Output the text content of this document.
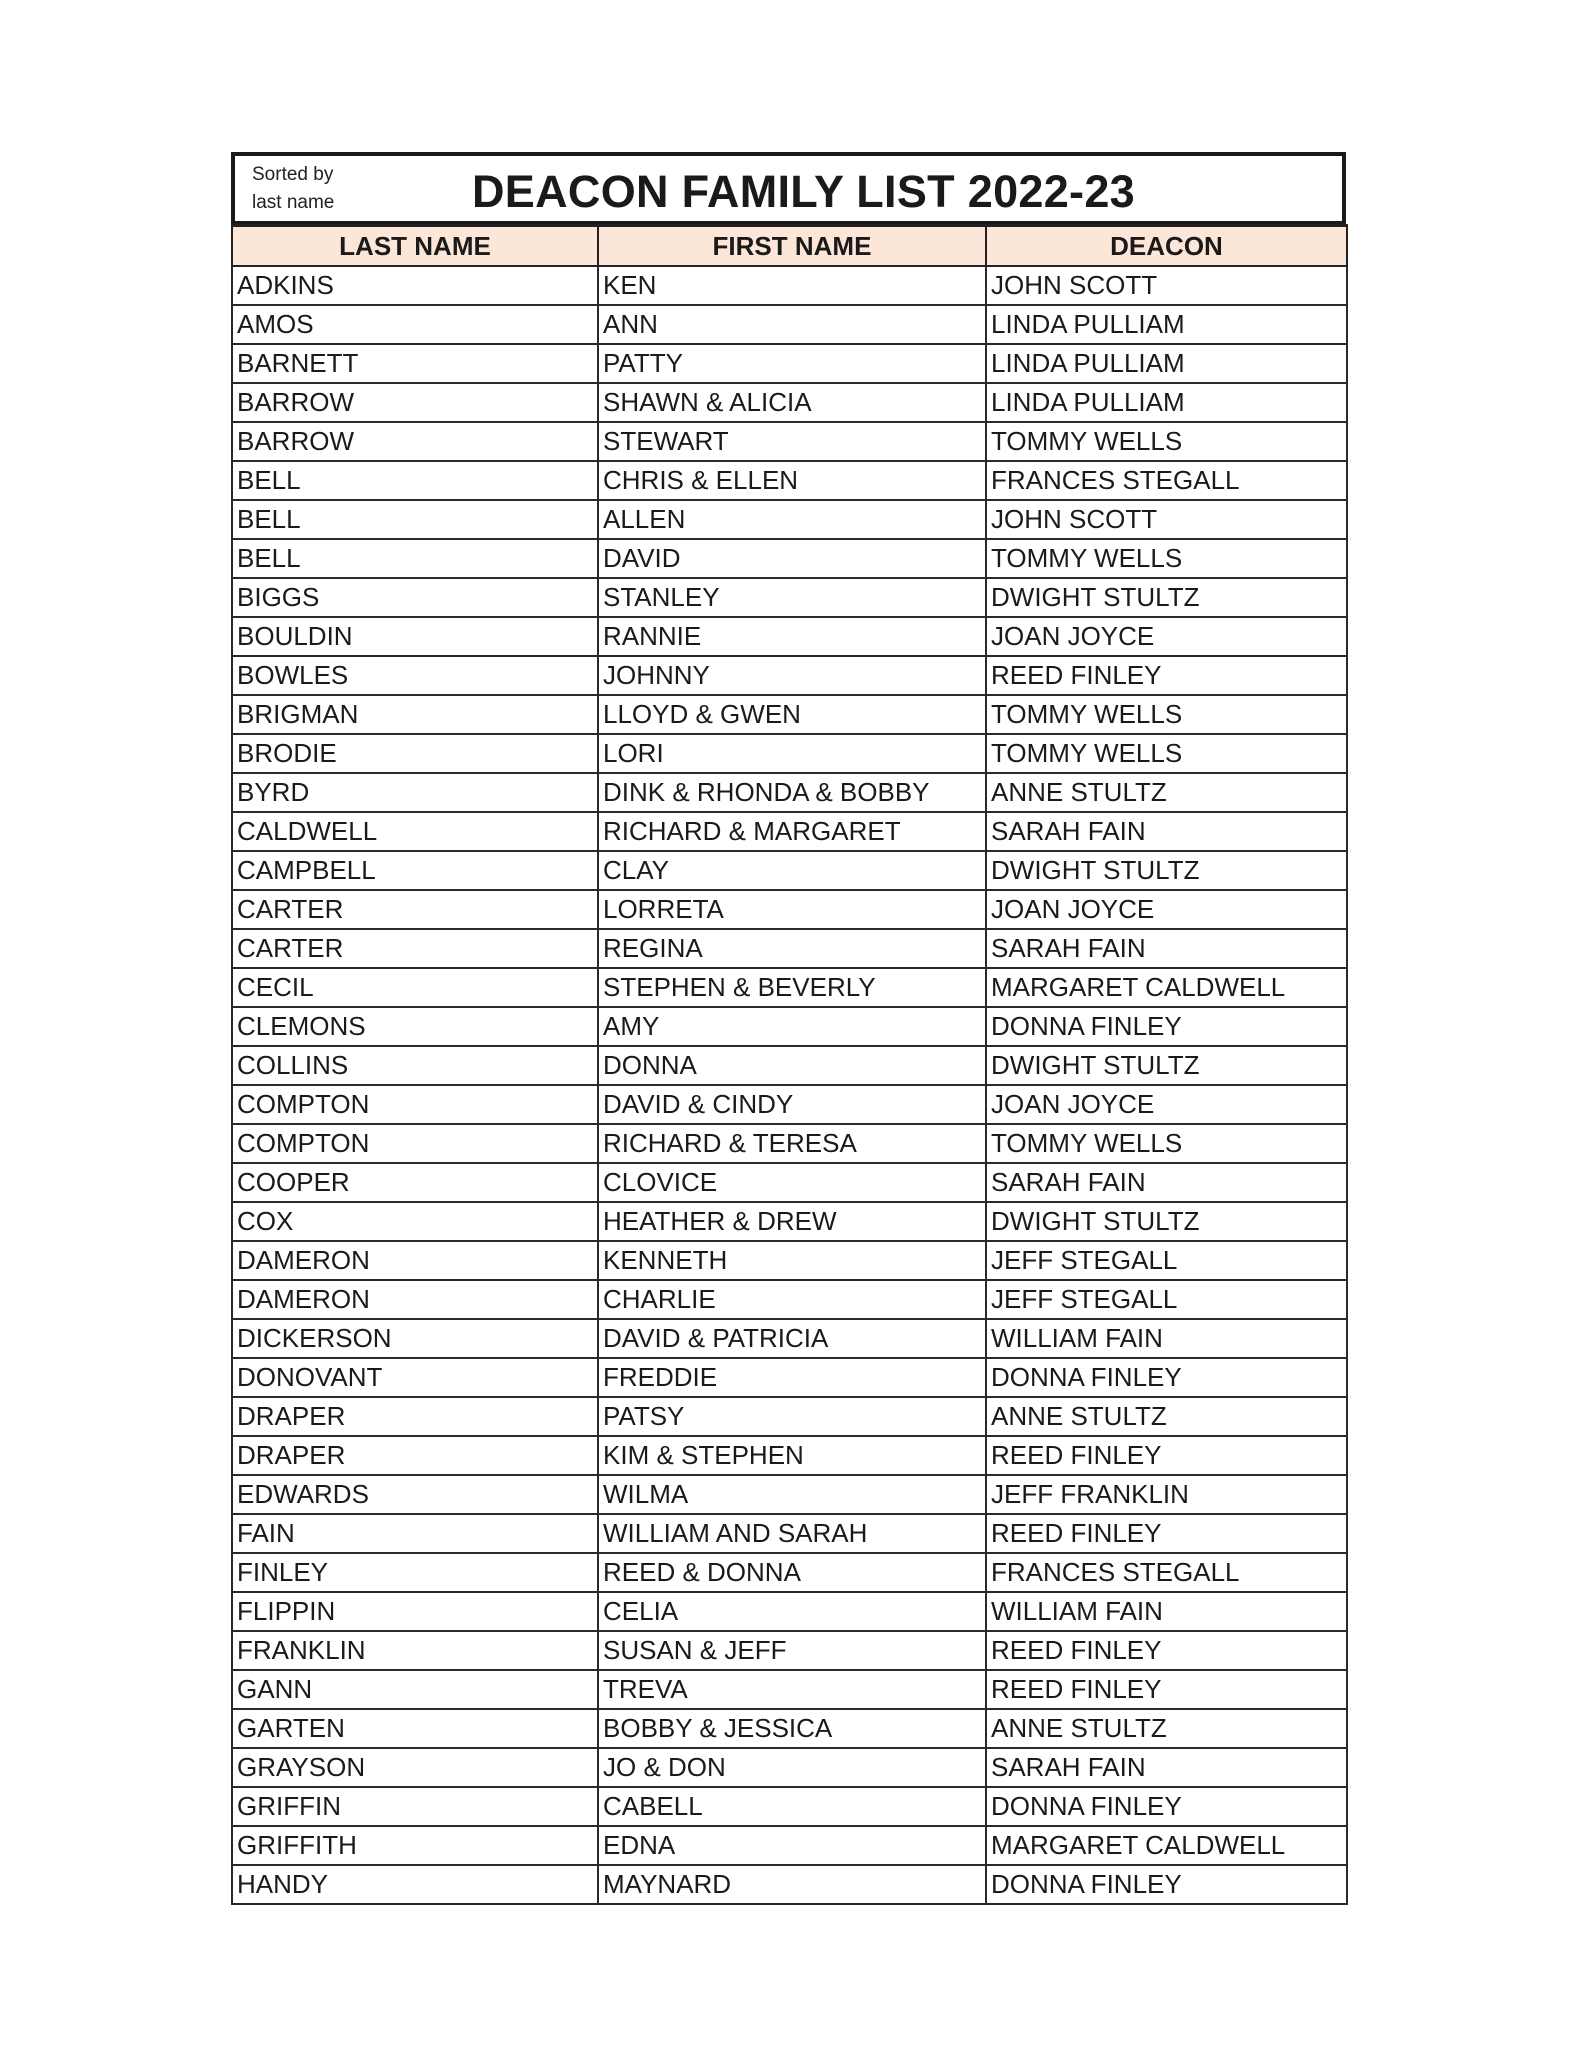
Sorted by last name	DEACON FAMILY LIST 2022-23
LAST NAME	FIRST NAME	DEACON
ADKINS	KEN	JOHN SCOTT
AMOS	ANN	LINDA PULLIAM
BARNETT	PATTY	LINDA PULLIAM
BARROW	SHAWN & ALICIA	LINDA PULLIAM
BARROW	STEWART	TOMMY WELLS
BELL	CHRIS & ELLEN	FRANCES STEGALL
BELL	ALLEN	JOHN SCOTT
BELL	DAVID	TOMMY WELLS
BIGGS	STANLEY	DWIGHT STULTZ
BOULDIN	RANNIE	JOAN JOYCE
BOWLES	JOHNNY	REED FINLEY
BRIGMAN	LLOYD & GWEN	TOMMY WELLS
BRODIE	LORI	TOMMY WELLS
BYRD	DINK & RHONDA & BOBBY	ANNE STULTZ
CALDWELL	RICHARD & MARGARET	SARAH FAIN
CAMPBELL	CLAY	DWIGHT STULTZ
CARTER	LORRETA	JOAN JOYCE
CARTER	REGINA	SARAH FAIN
CECIL	STEPHEN & BEVERLY	MARGARET CALDWELL
CLEMONS	AMY	DONNA FINLEY
COLLINS	DONNA	DWIGHT STULTZ
COMPTON	DAVID & CINDY	JOAN JOYCE
COMPTON	RICHARD & TERESA	TOMMY WELLS
COOPER	CLOVICE	SARAH FAIN
COX	HEATHER & DREW	DWIGHT STULTZ
DAMERON	KENNETH	JEFF STEGALL
DAMERON	CHARLIE	JEFF STEGALL
DICKERSON	DAVID & PATRICIA	WILLIAM FAIN
DONOVANT	FREDDIE	DONNA FINLEY
DRAPER	PATSY	ANNE STULTZ
DRAPER	KIM & STEPHEN	REED FINLEY
EDWARDS	WILMA	JEFF FRANKLIN
FAIN	WILLIAM AND SARAH	REED FINLEY
FINLEY	REED & DONNA	FRANCES STEGALL
FLIPPIN	CELIA	WILLIAM FAIN
FRANKLIN	SUSAN & JEFF	REED FINLEY
GANN	TREVA	REED FINLEY
GARTEN	BOBBY & JESSICA	ANNE STULTZ
GRAYSON	JO & DON	SARAH FAIN
GRIFFIN	CABELL	DONNA FINLEY
GRIFFITH	EDNA	MARGARET CALDWELL
HANDY	MAYNARD	DONNA FINLEY
